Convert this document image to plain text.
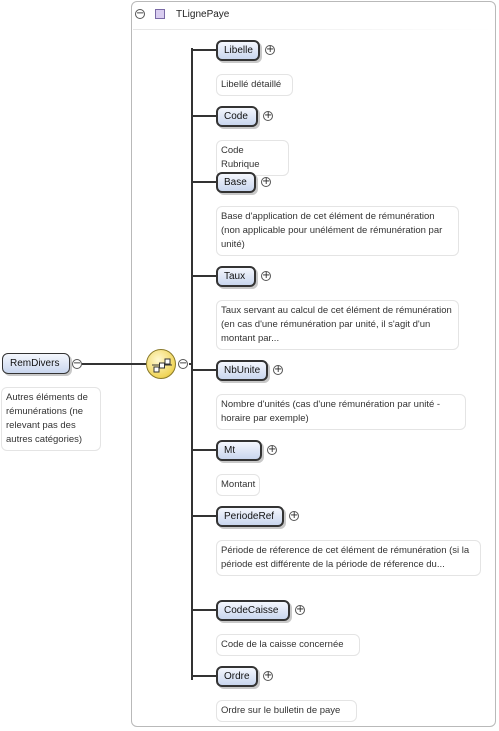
−	TLignePaye
RemDivers	−
Autres éléments de rémunérations (ne relevant pas des autres catégories)
−
Libelle	+
Libellé détaillé
Code	+
Code Rubrique
Base	+
Base d'application de cet élément de rémunération (non applicable pour unélément de rémunération par unité)
Taux	+
Taux servant au calcul de cet élément de rémunération (en cas d'une rémunération par unité, il s'agit d'un montant par...
NbUnite	+
Nombre d'unités (cas d'une rémunération par unité - horaire par exemple)
Mt	+
Montant
PeriodeRef	+
Période de réference de cet élément de rémunération (si la période est différente de la période de réference du...
CodeCaisse	+
Code de la caisse concernée
Ordre	+
Ordre sur le bulletin de paye
